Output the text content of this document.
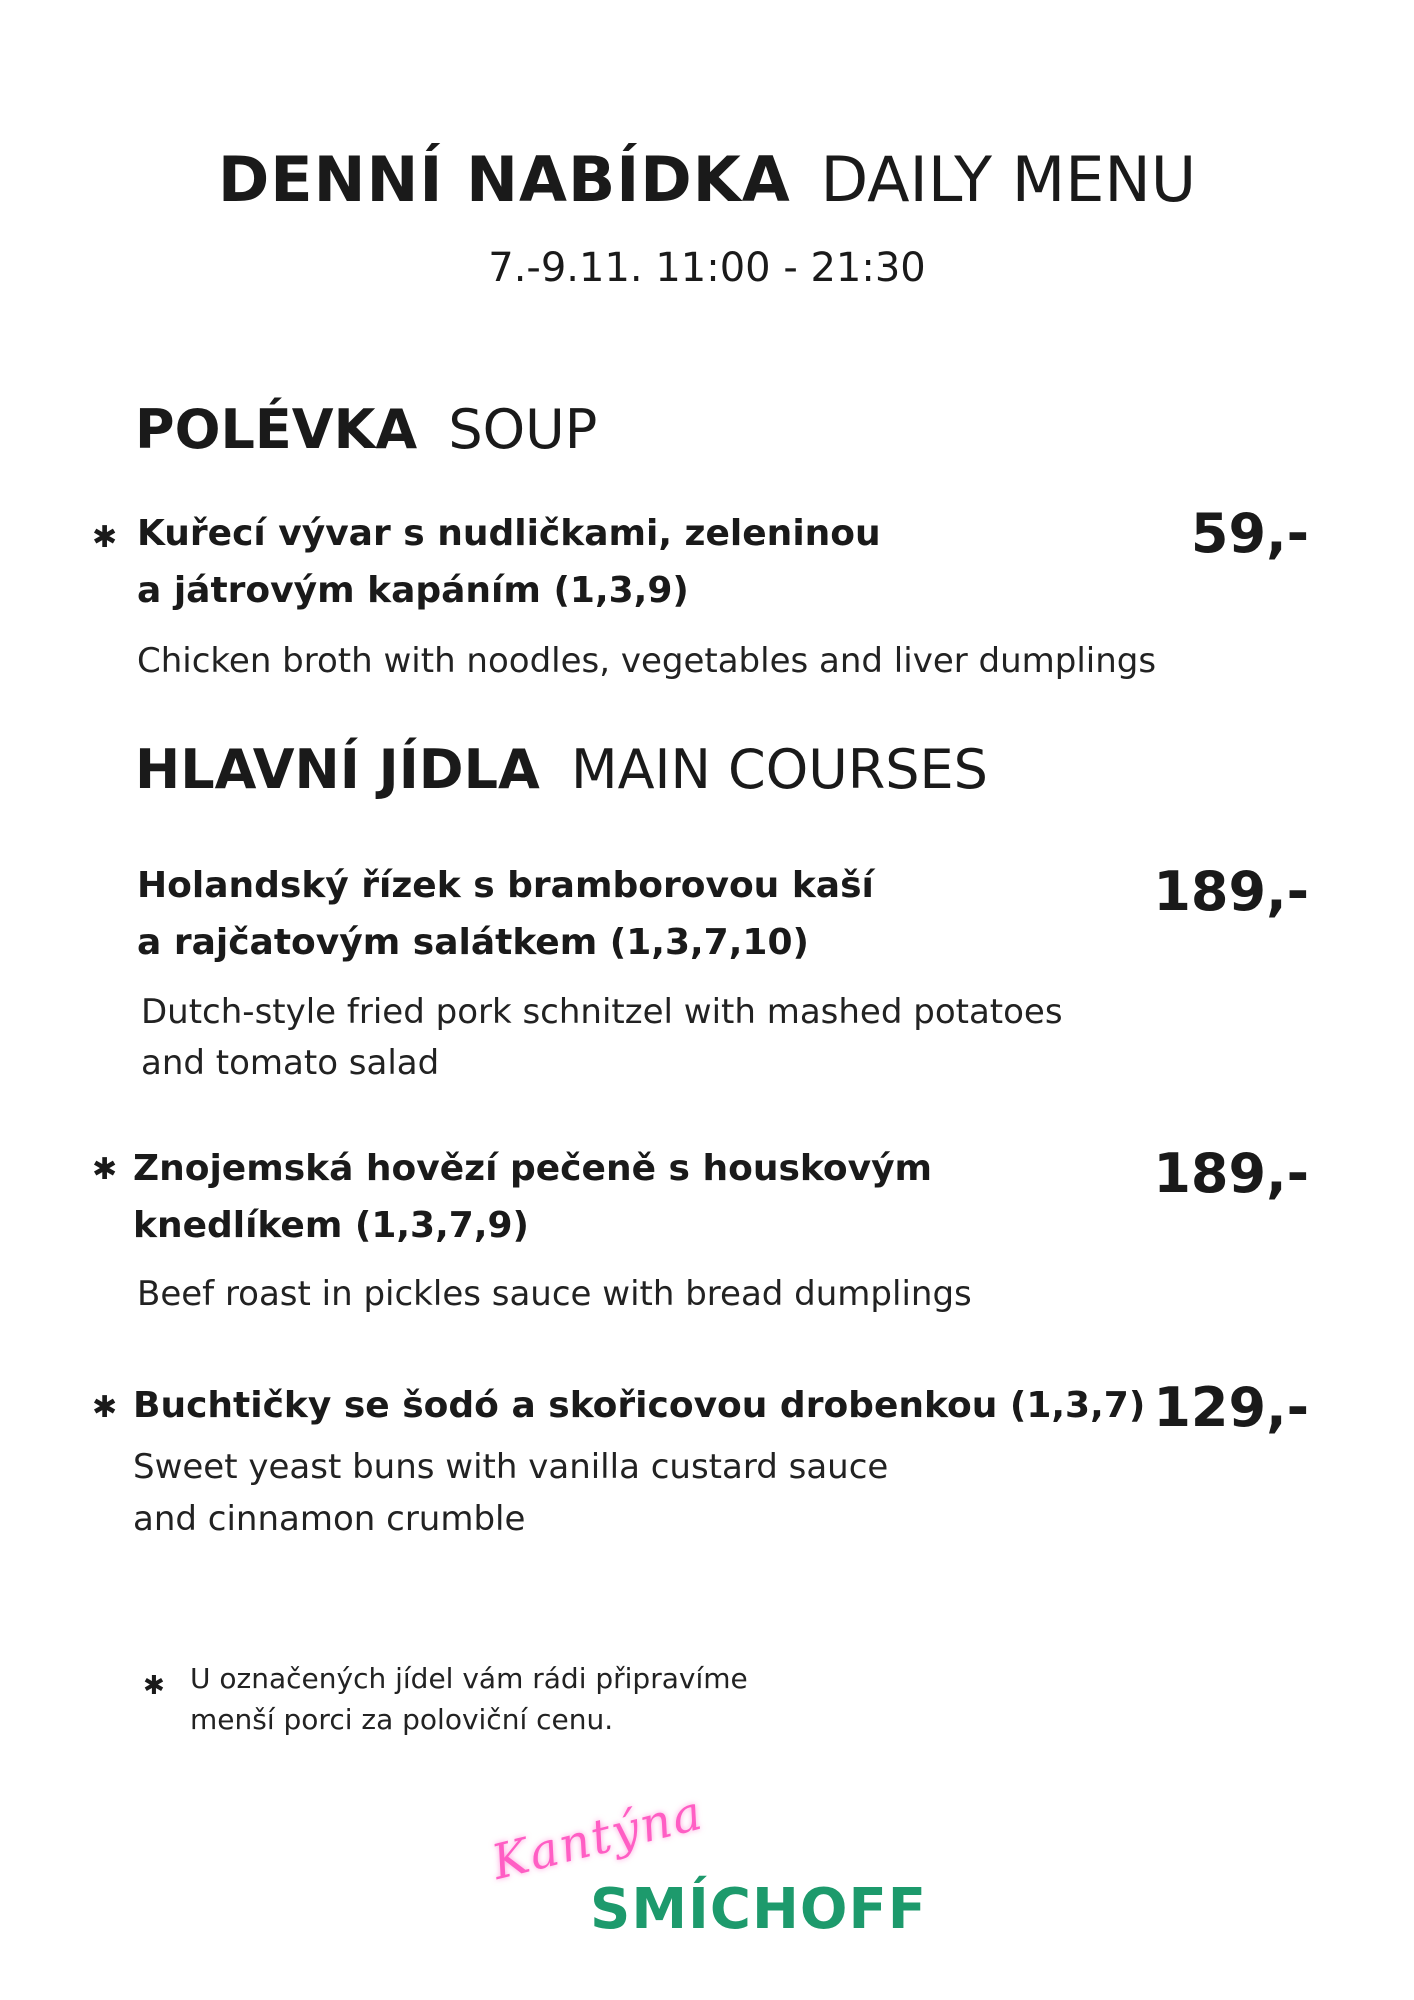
DENNÍ NABÍDKA DAILY MENU
7.-9.11. 11:00 - 21:30
POLÉVKA SOUP
✱ Kuřecí vývar s nudličkami, zeleninou
a játrovým kapáním (1,3,9)
Chicken broth with noodles, vegetables and liver dumplings
59,-
HLAVNÍ JÍDLA MAIN COURSES
Holandský řízek s bramborovou kaší
a rajčatovým salátkem (1,3,7,10)
Dutch-style fried pork schnitzel with mashed potatoes
and tomato salad
189,-
✱ Znojemská hovězí pečeně s houskovým
knedlíkem (1,3,7,9)
Beef roast in pickles sauce with bread dumplings
189,-
✱ Buchtičky se šodó a skořicovou drobenkou (1,3,7)
Sweet yeast buns with vanilla custard sauce
and cinnamon crumble
129,-
✱ U označených jídel vám rádi připravíme
menší porci za poloviční cenu.
Kantýna
SMÍCHOFF
